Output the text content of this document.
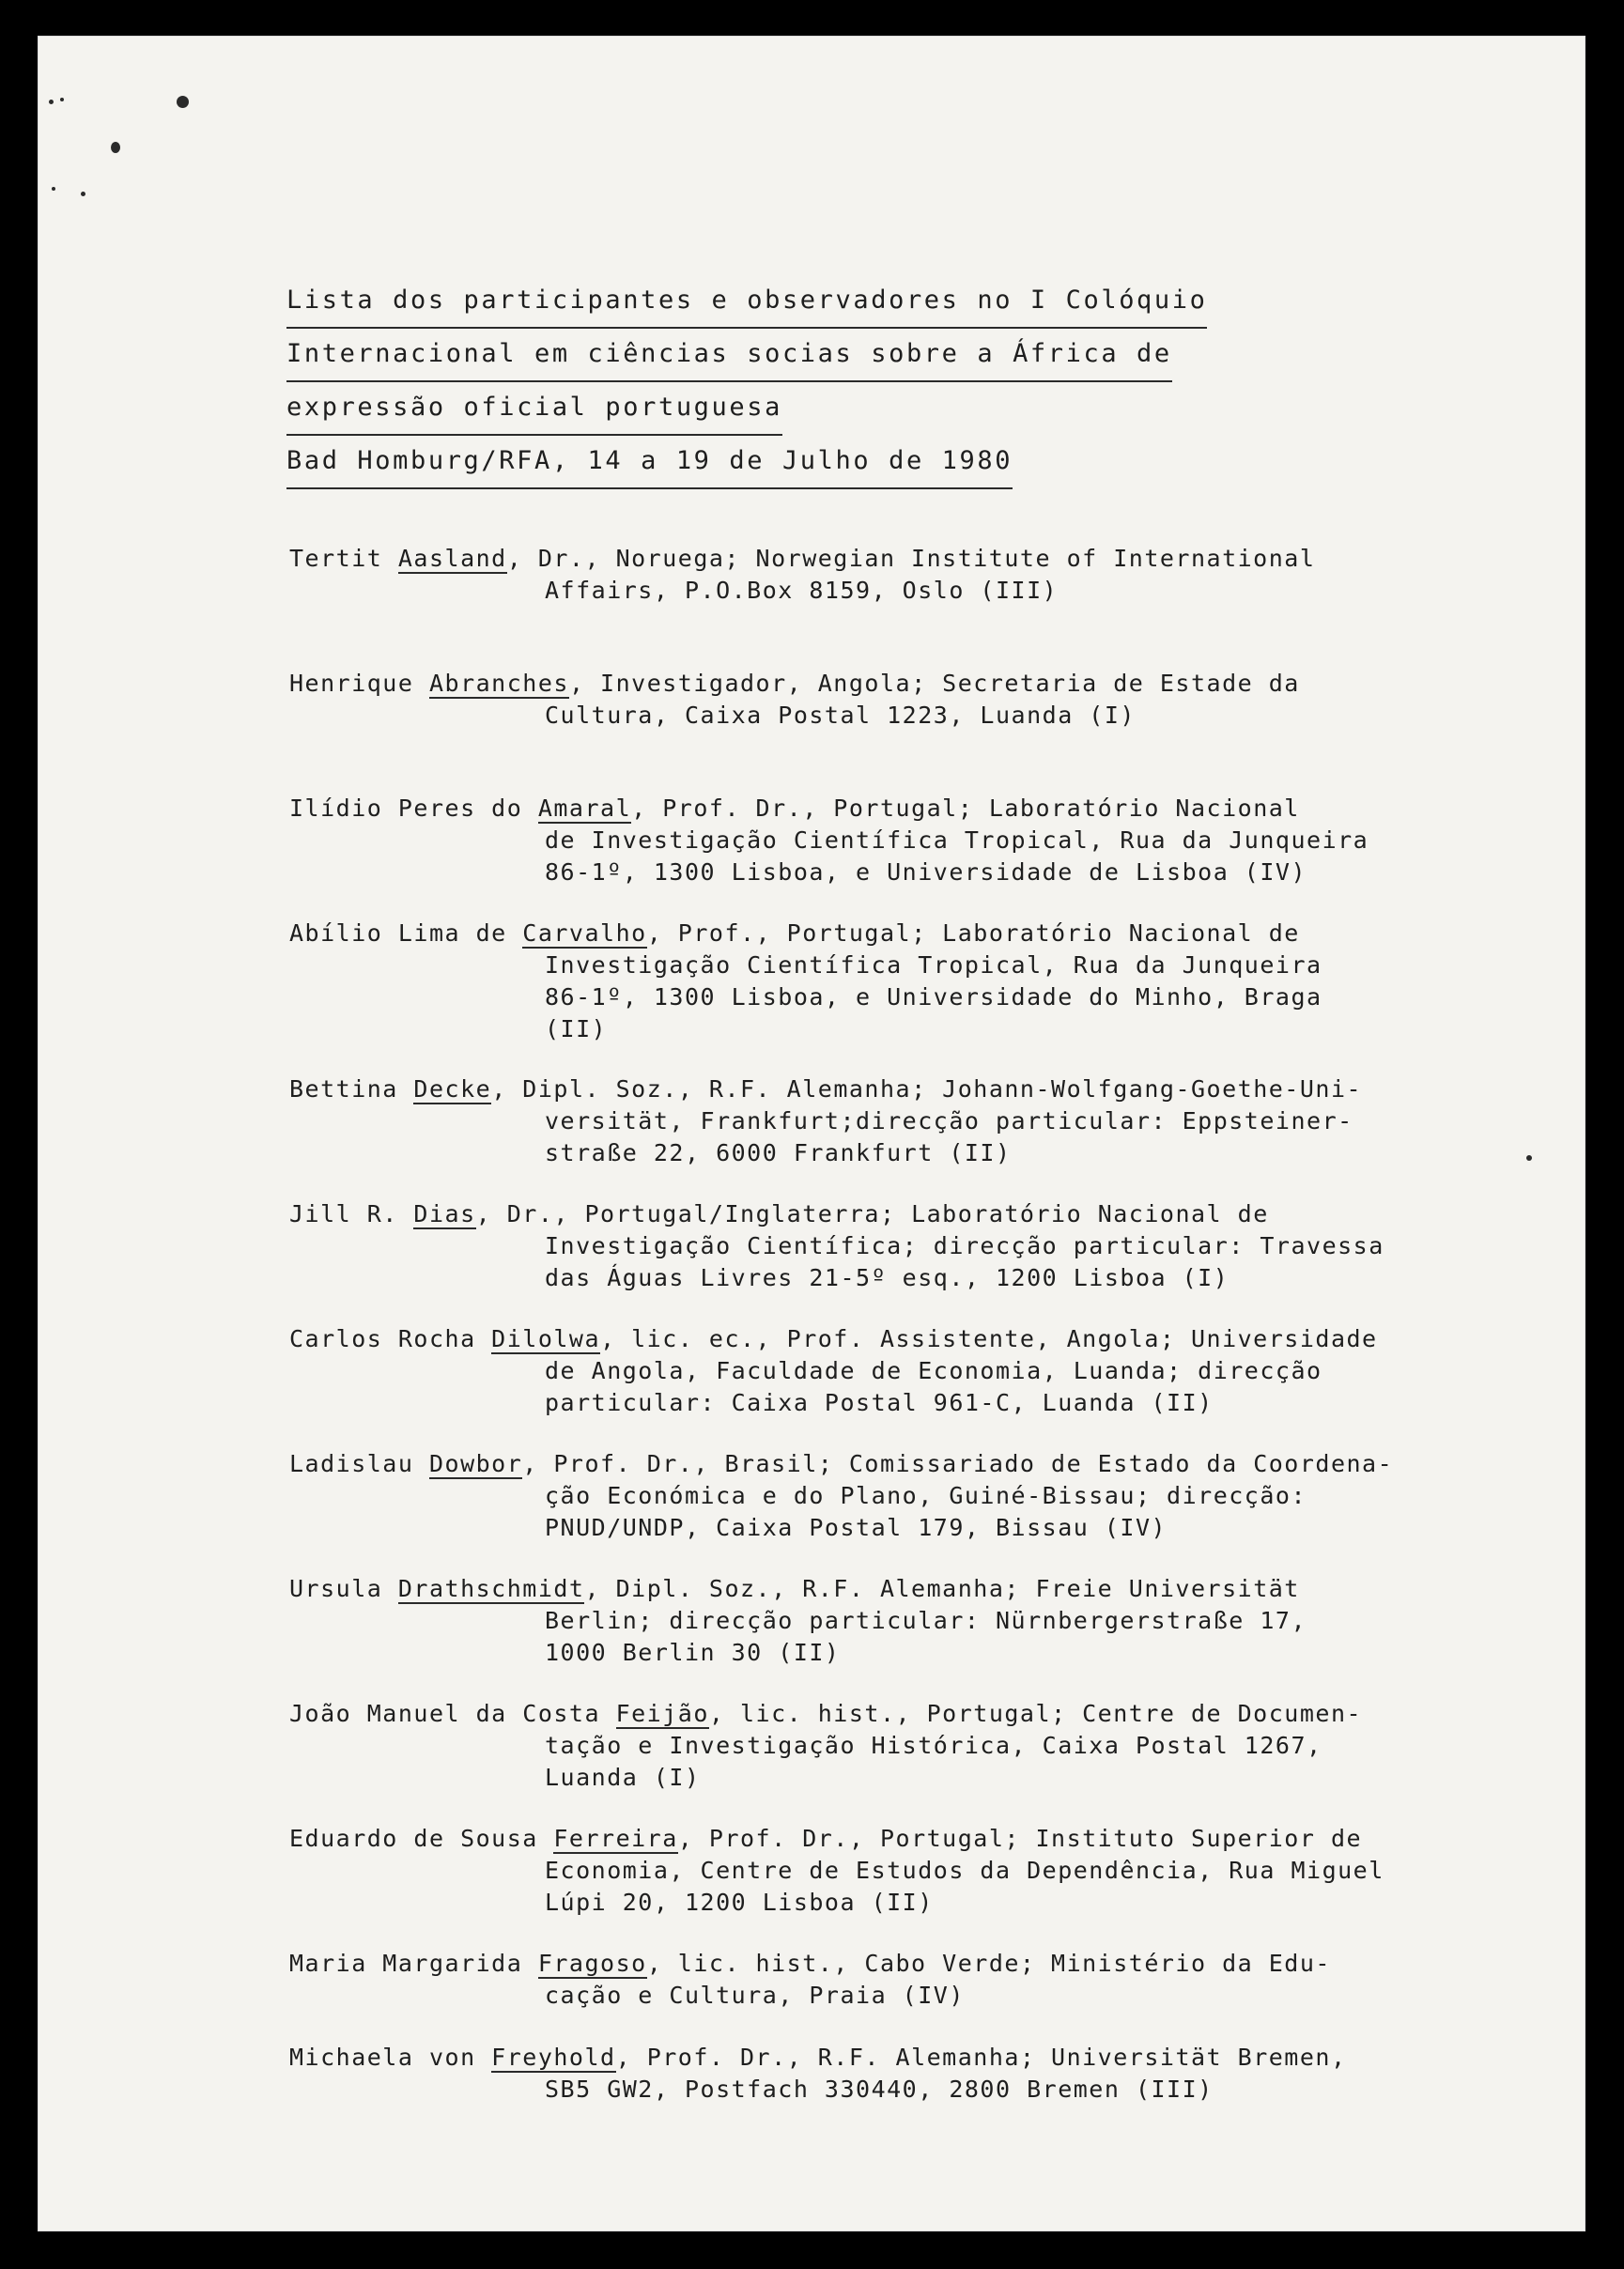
Lista dos participantes e observadores no I Colóquio
Internacional em ciências socias sobre a África de
expressão oficial portuguesa
Bad Homburg/RFA, 14 a 19 de Julho de 1980
Tertit Aasland, Dr., Noruega; Norwegian Institute of International
Affairs, P.O.Box 8159, Oslo (III)
Henrique Abranches, Investigador, Angola; Secretaria de Estade da
Cultura, Caixa Postal 1223, Luanda (I)
Ilídio Peres do Amaral, Prof. Dr., Portugal; Laboratório Nacional
de Investigação Científica Tropical, Rua da Junqueira
86-1º, 1300 Lisboa, e Universidade de Lisboa (IV)
Abílio Lima de Carvalho, Prof., Portugal; Laboratório Nacional de
Investigação Científica Tropical, Rua da Junqueira
86-1º, 1300 Lisboa, e Universidade do Minho, Braga
(II)
Bettina Decke, Dipl. Soz., R.F. Alemanha; Johann-Wolfgang-Goethe-Uni-
versität, Frankfurt;direcção particular: Eppsteiner-
straße 22, 6000 Frankfurt (II)
Jill R. Dias, Dr., Portugal/Inglaterra; Laboratório Nacional de
Investigação Científica; direcção particular: Travessa
das Águas Livres 21-5º esq., 1200 Lisboa (I)
Carlos Rocha Dilolwa, lic. ec., Prof. Assistente, Angola; Universidade
de Angola, Faculdade de Economia, Luanda; direcção
particular: Caixa Postal 961-C, Luanda (II)
Ladislau Dowbor, Prof. Dr., Brasil; Comissariado de Estado da Coordena-
ção Económica e do Plano, Guiné-Bissau; direcção:
PNUD/UNDP, Caixa Postal 179, Bissau (IV)
Ursula Drathschmidt, Dipl. Soz., R.F. Alemanha; Freie Universität
Berlin; direcção particular: Nürnbergerstraße 17,
1000 Berlin 30 (II)
João Manuel da Costa Feijão, lic. hist., Portugal; Centre de Documen-
tação e Investigação Histórica, Caixa Postal 1267,
Luanda (I)
Eduardo de Sousa Ferreira, Prof. Dr., Portugal; Instituto Superior de
Economia, Centre de Estudos da Dependência, Rua Miguel
Lúpi 20, 1200 Lisboa (II)
Maria Margarida Fragoso, lic. hist., Cabo Verde; Ministério da Edu-
cação e Cultura, Praia (IV)
Michaela von Freyhold, Prof. Dr., R.F. Alemanha; Universität Bremen,
SB5 GW2, Postfach 330440, 2800 Bremen (III)
